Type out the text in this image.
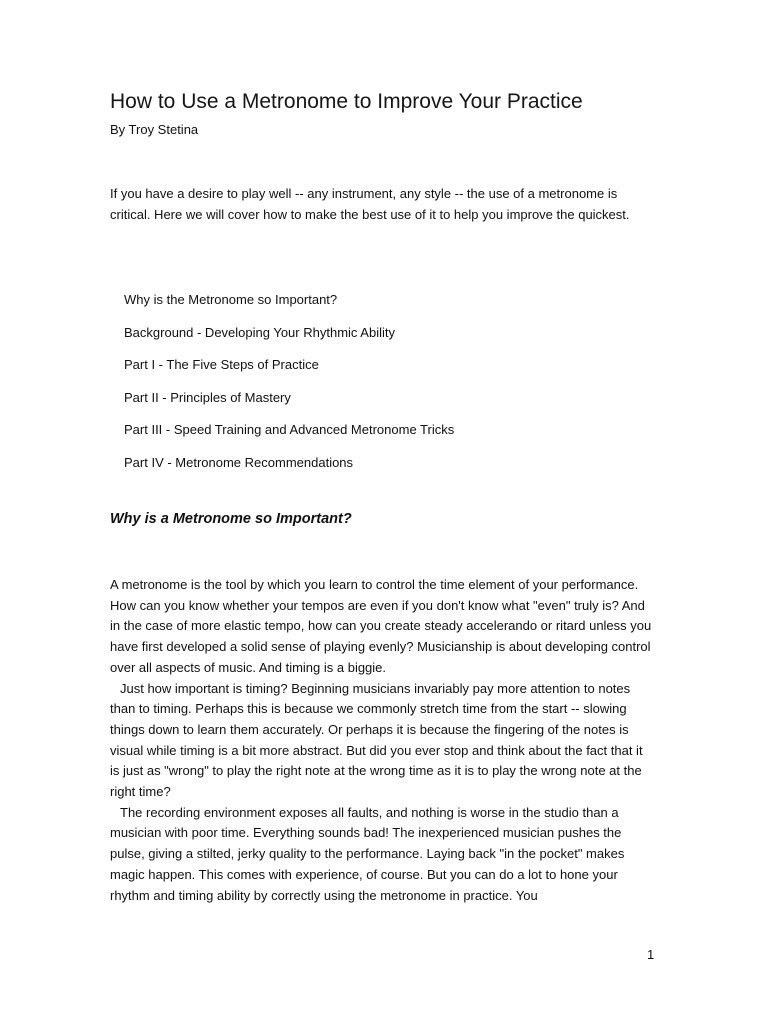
How to Use a Metronome to Improve Your Practice

By Troy Stetina

If you have a desire to play well -- any instrument, any style -- the use of a metronome is critical. Here we will cover how to make the best use of it to help you improve the quickest.

Why is the Metronome so Important?
Background - Developing Your Rhythmic Ability
Part I - The Five Steps of Practice
Part II - Principles of Mastery
Part III - Speed Training and Advanced Metronome Tricks
Part IV - Metronome Recommendations
Why is a Metronome so Important?

A metronome is the tool by which you learn to control the time element of your performance. How can you know whether your tempos are even if you don't know what "even" truly is? And in the case of more elastic tempo, how can you create steady accelerando or ritard unless you have first developed a solid sense of playing evenly? Musicianship is about developing control over all aspects of music. And timing is a biggie.

Just how important is timing? Beginning musicians invariably pay more attention to notes than to timing. Perhaps this is because we commonly stretch time from the start -- slowing things down to learn them accurately. Or perhaps it is because the fingering of the notes is visual while timing is a bit more abstract. But did you ever stop and think about the fact that it is just as "wrong" to play the right note at the wrong time as it is to play the wrong note at the right time?

The recording environment exposes all faults, and nothing is worse in the studio than a musician with poor time. Everything sounds bad! The inexperienced musician pushes the pulse, giving a stilted, jerky quality to the performance. Laying back "in the pocket" makes magic happen. This comes with experience, of course. But you can do a lot to hone your rhythm and timing ability by correctly using the metronome in practice. You

1
